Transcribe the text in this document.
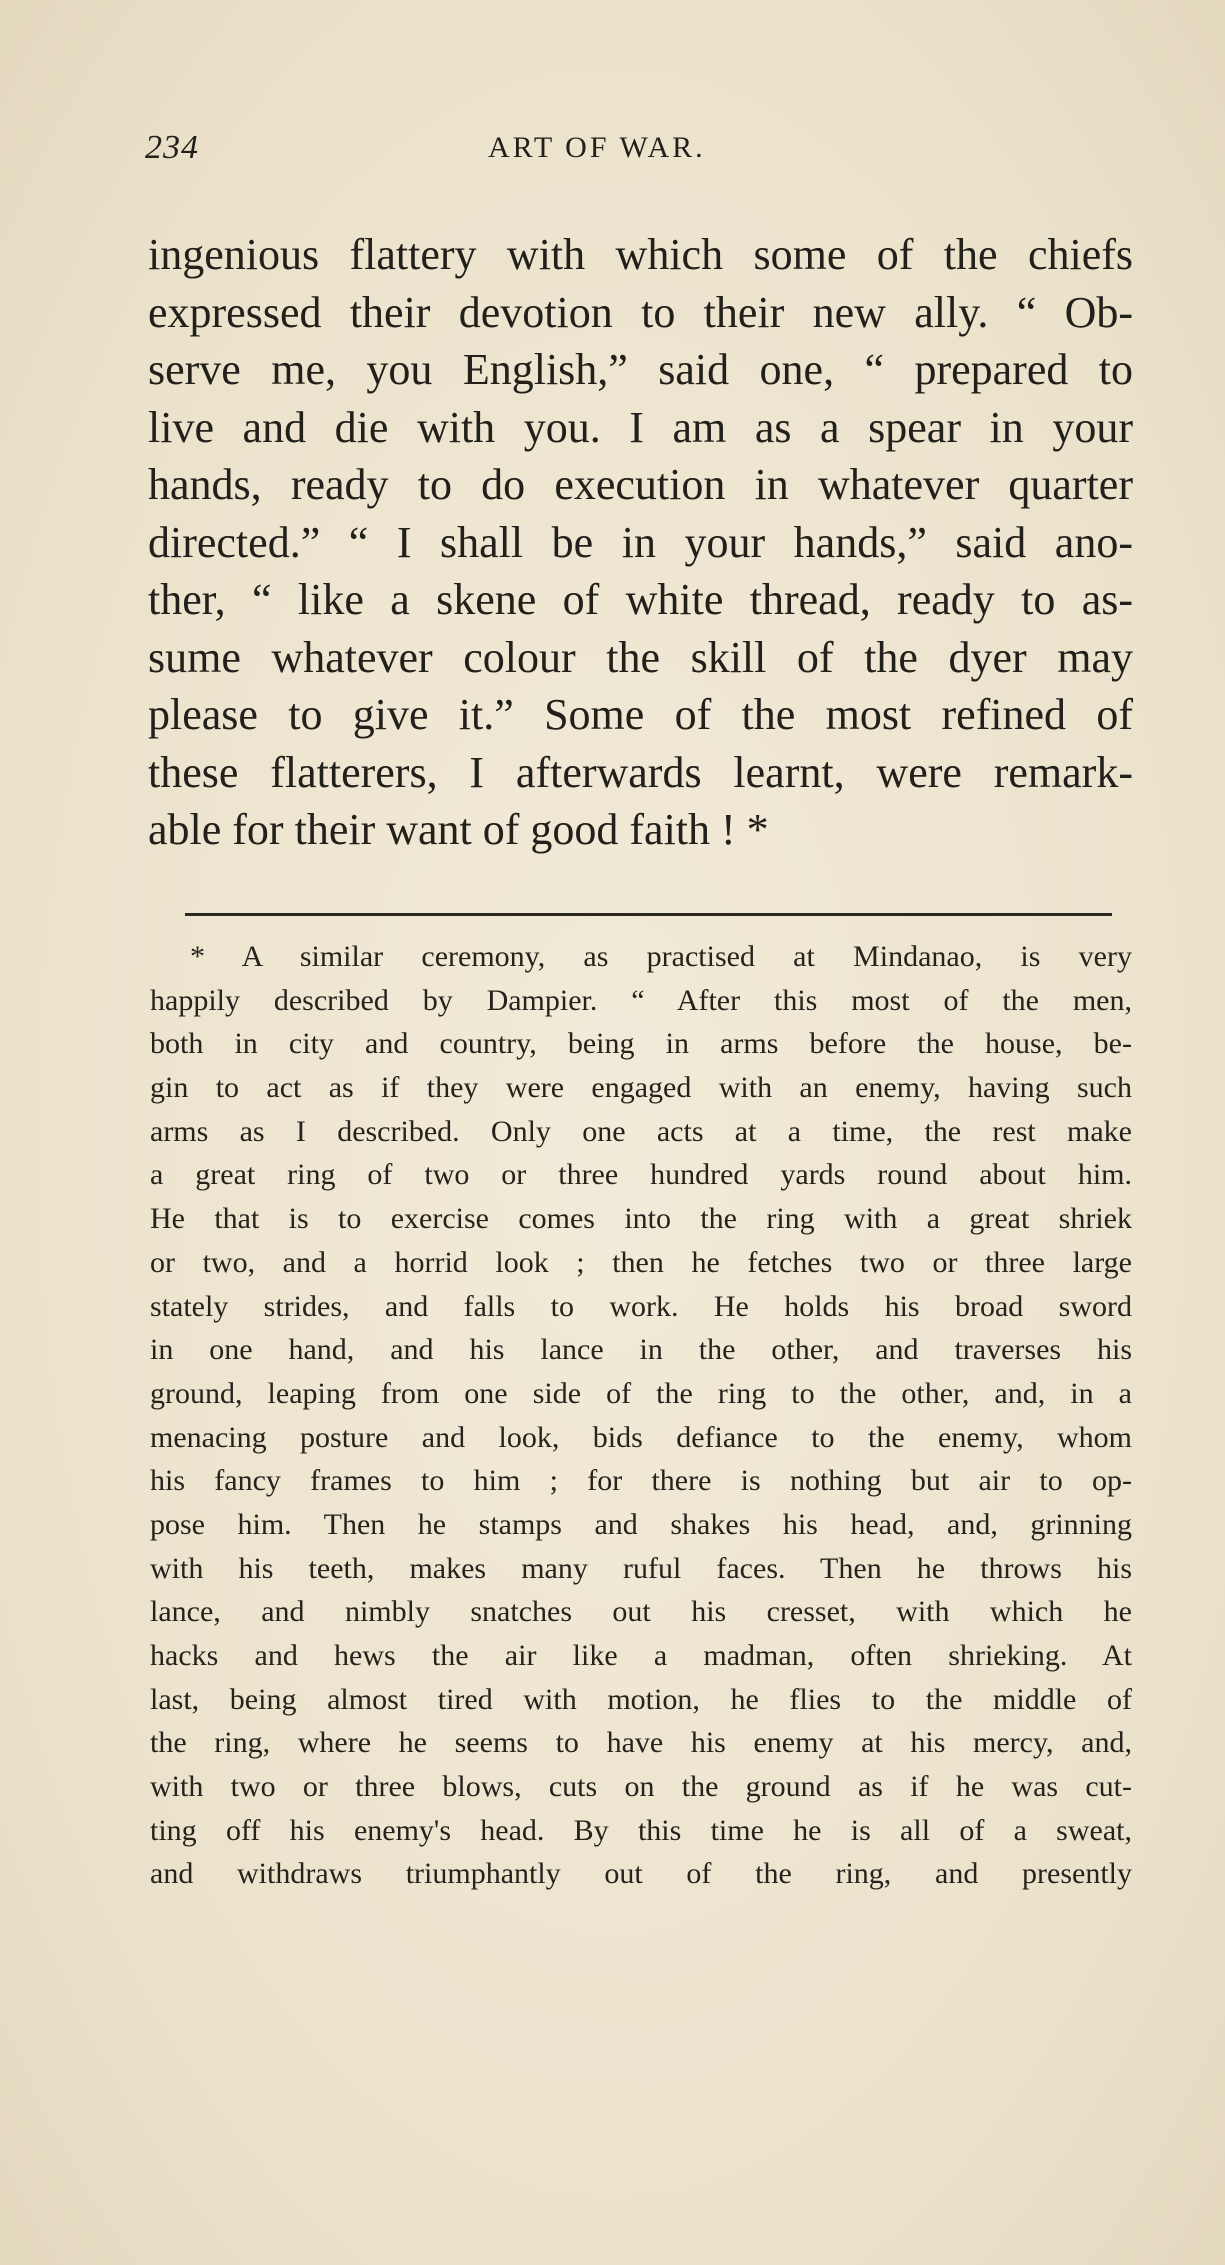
234	ART OF WAR.
ingenious flattery with which some of the chiefs
expressed their devotion to their new ally. “ Ob-
serve me, you English,” said one, “ prepared to
live and die with you. I am as a spear in your
hands, ready to do execution in whatever quarter
directed.” “ I shall be in your hands,” said ano-
ther, “ like a skene of white thread, ready to as-
sume whatever colour the skill of the dyer may
please to give it.” Some of the most refined of
these flatterers, I afterwards learnt, were remark-
able for their want of good faith ! *
* A similar ceremony, as practised at Mindanao, is very
happily described by Dampier. “ After this most of the men,
both in city and country, being in arms before the house, be-
gin to act as if they were engaged with an enemy, having such
arms as I described. Only one acts at a time, the rest make
a great ring of two or three hundred yards round about him.
He that is to exercise comes into the ring with a great shriek
or two, and a horrid look ; then he fetches two or three large
stately strides, and falls to work. He holds his broad sword
in one hand, and his lance in the other, and traverses his
ground, leaping from one side of the ring to the other, and, in a
menacing posture and look, bids defiance to the enemy, whom
his fancy frames to him ; for there is nothing but air to op-
pose him. Then he stamps and shakes his head, and, grinning
with his teeth, makes many ruful faces. Then he throws his
lance, and nimbly snatches out his cresset, with which he
hacks and hews the air like a madman, often shrieking. At
last, being almost tired with motion, he flies to the middle of
the ring, where he seems to have his enemy at his mercy, and,
with two or three blows, cuts on the ground as if he was cut-
ting off his enemy's head. By this time he is all of a sweat,
and withdraws triumphantly out of the ring, and presently
